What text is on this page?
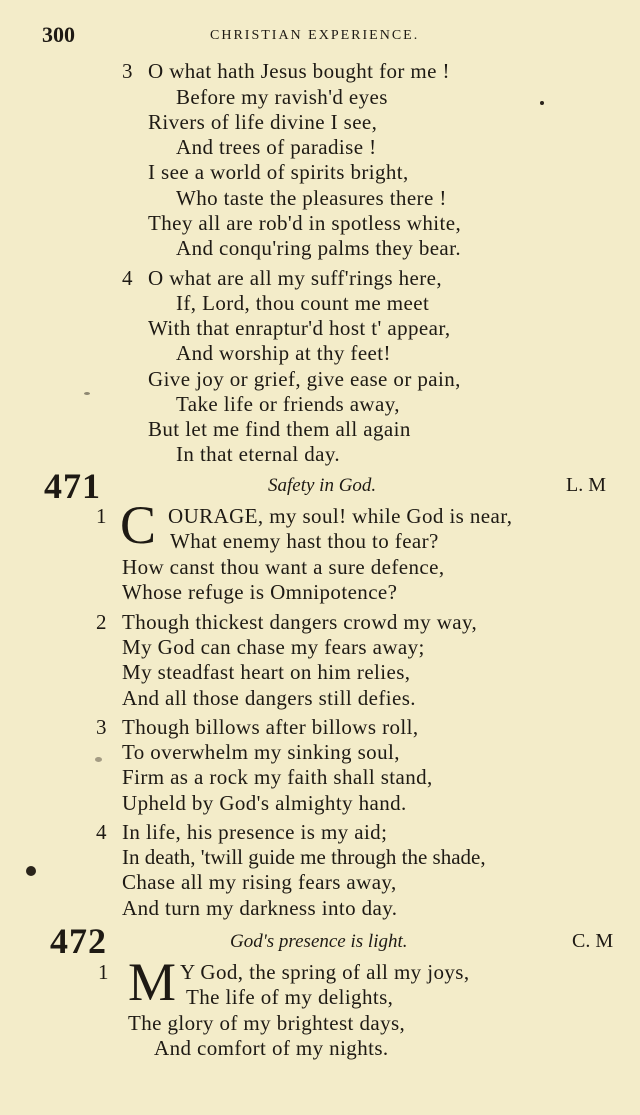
300	CHRISTIAN EXPERIENCE.
3 O what hath Jesus bought for me !
Before my ravish'd eyes
Rivers of life divine I see,
And trees of paradise !
I see a world of spirits bright,
Who taste the pleasures there !
They all are rob'd in spotless white,
And conqu'ring palms they bear.
4 O what are all my suff'rings here,
If, Lord, thou count me meet
With that enraptur'd host t' appear,
And worship at thy feet!
Give joy or grief, give ease or pain,
Take life or friends away,
But let me find them all again
In that eternal day.
471	Safety in God.	L. M
1 C OURAGE, my soul! while God is near,
What enemy hast thou to fear?
How canst thou want a sure defence,
Whose refuge is Omnipotence?
2 Though thickest dangers crowd my way,
My God can chase my fears away;
My steadfast heart on him relies,
And all those dangers still defies.
3 Though billows after billows roll,
To overwhelm my sinking soul,
Firm as a rock my faith shall stand,
Upheld by God's almighty hand.
4 In life, his presence is my aid;
In death, 'twill guide me through the shade,
Chase all my rising fears away,
And turn my darkness into day.
472	God's presence is light.	C. M
1 M Y God, the spring of all my joys,
The life of my delights,
The glory of my brightest days,
And comfort of my nights.
